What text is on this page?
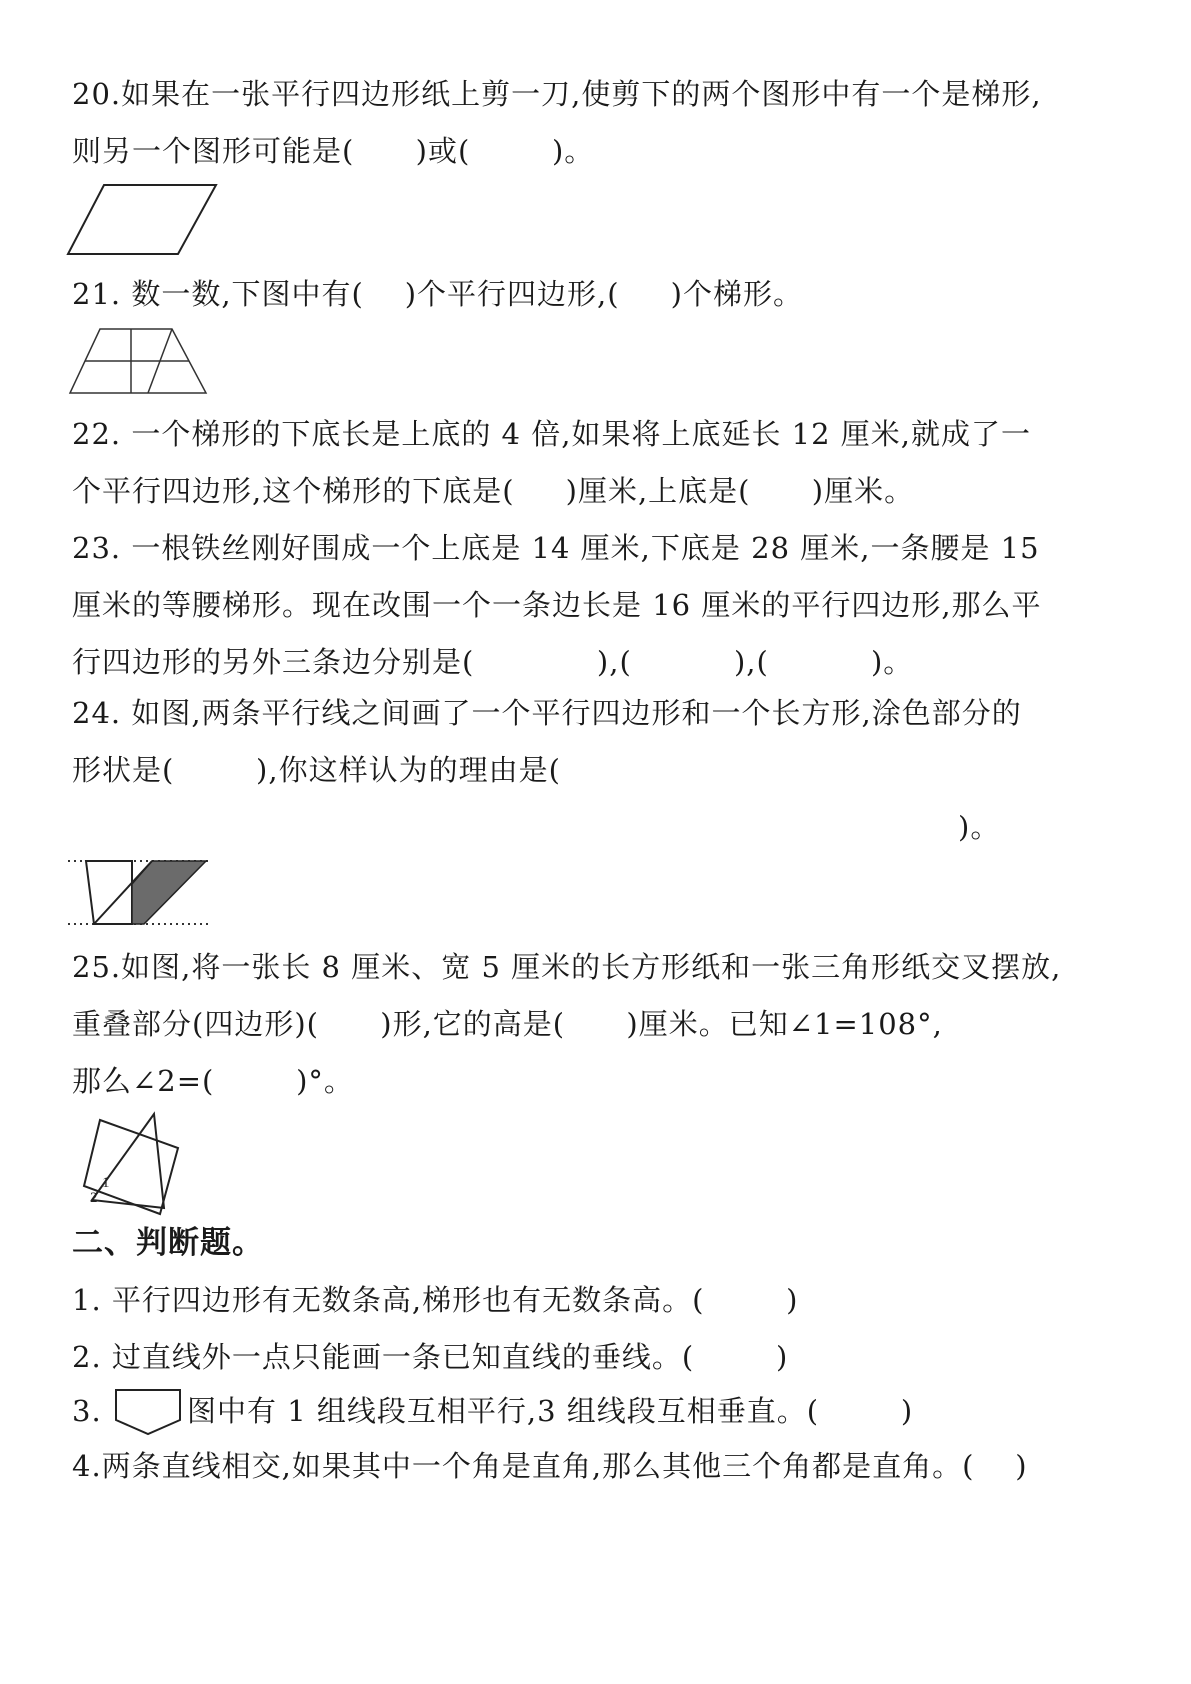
20.如果在一张平行四边形纸上剪一刀,使剪下的两个图形中有一个是梯形,
则另一个图形可能是(      )或(        )。
21. 数一数,下图中有(    )个平行四边形,(     )个梯形。
22. 一个梯形的下底长是上底的 4 倍,如果将上底延长 12 厘米,就成了一
个平行四边形,这个梯形的下底是(     )厘米,上底是(      )厘米。
23. 一根铁丝刚好围成一个上底是 14 厘米,下底是 28 厘米,一条腰是 15
厘米的等腰梯形。现在改围一个一条边长是 16 厘米的平行四边形,那么平
行四边形的另外三条边分别是(            ),(          ),(          )。
24. 如图,两条平行线之间画了一个平行四边形和一个长方形,涂色部分的
形状是(        ),你这样认为的理由是(
)。
25.如图,将一张长 8 厘米、宽 5 厘米的长方形纸和一张三角形纸交叉摆放,
重叠部分(四边形)(      )形,它的高是(      )厘米。已知∠1=108°,
那么∠2=(        )°。
1
2
二、判断题。
1. 平行四边形有无数条高,梯形也有无数条高。(        )
2. 过直线外一点只能画一条已知直线的垂线。(        )
3.	图中有 1 组线段互相平行,3 组线段互相垂直。(        )
4.两条直线相交,如果其中一个角是直角,那么其他三个角都是直角。(    )
